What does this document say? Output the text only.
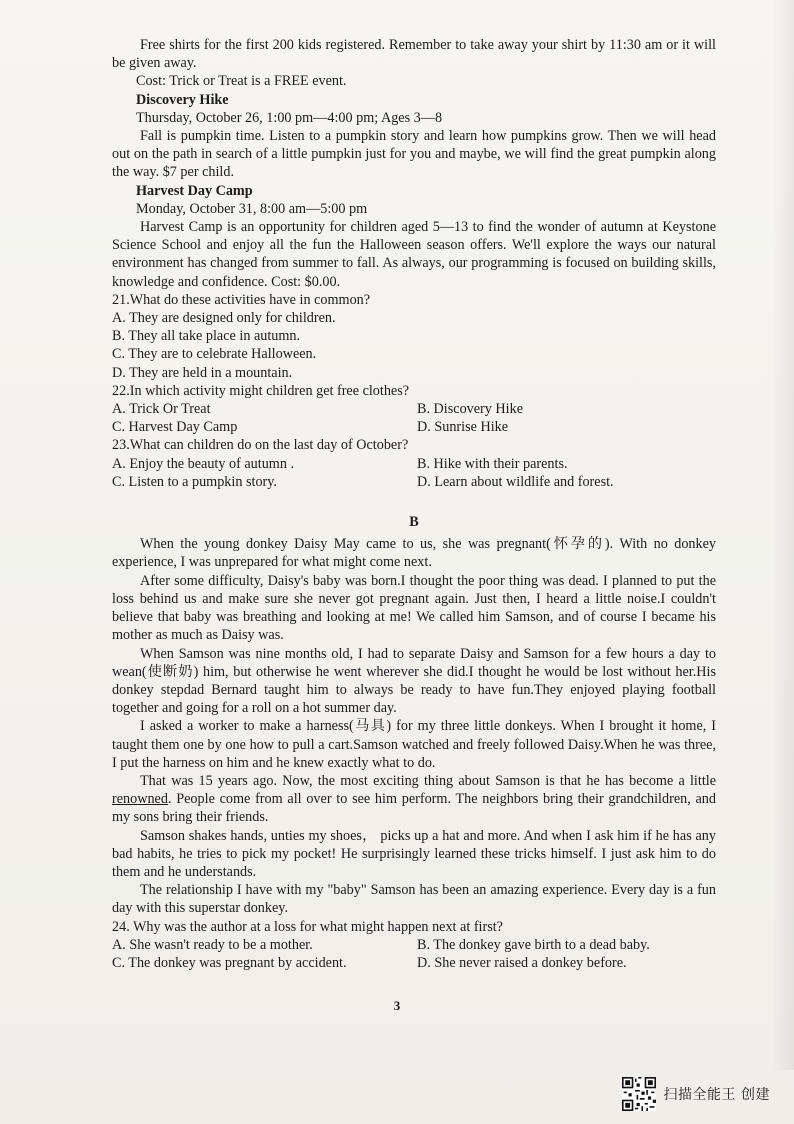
Free shirts for the first 200 kids registered. Remember to take away your shirt by 11:30 am or it will be given away.

Cost: Trick or Treat is a FREE event.

Discovery Hike

Thursday, October 26, 1:00 pm—4:00 pm; Ages 3—8

Fall is pumpkin time. Listen to a pumpkin story and learn how pumpkins grow. Then we will head out on the path in search of a little pumpkin just for you and maybe, we will find the great pumpkin along the way. $7 per child.

Harvest Day Camp

Monday, October 31, 8:00 am—5:00 pm

Harvest Camp is an opportunity for children aged 5—13 to find the wonder of autumn at Keystone Science School and enjoy all the fun the Halloween season offers. We'll explore the ways our natural environment has changed from summer to fall. As always, our programming is focused on building skills, knowledge and confidence. Cost: $0.00.

21.What do these activities have in common?

A. They are designed only for children.

B. They all take place in autumn.

C. They are to celebrate Halloween.

D. They are held in a mountain.

22.In which activity might children get free clothes?

A. Trick Or Treat	B. Discovery Hike
C. Harvest Day Camp	D. Sunrise Hike

23.What can children do on the last day of October?

A. Enjoy the beauty of autumn .	B. Hike with their parents.
C. Listen to a pumpkin story.	D. Learn about wildlife and forest.

B

When the young donkey Daisy May came to us, she was pregnant(怀孕的). With no donkey experience, I was unprepared for what might come next.

After some difficulty, Daisy's baby was born.I thought the poor thing was dead. I planned to put the loss behind us and make sure she never got pregnant again. Just then, I heard a little noise.I couldn't believe that baby was breathing and looking at me! We called him Samson, and of course I became his mother as much as Daisy was.

When Samson was nine months old, I had to separate Daisy and Samson for a few hours a day to wean(使断奶) him, but otherwise he went wherever she did.I thought he would be lost without her.His donkey stepdad Bernard taught him to always be ready to have fun.They enjoyed playing football together and going for a roll on a hot summer day.

I asked a worker to make a harness(马具) for my three little donkeys. When I brought it home, I taught them one by one how to pull a cart.Samson watched and freely followed Daisy.When he was three, I put the harness on him and he knew exactly what to do.

That was 15 years ago. Now, the most exciting thing about Samson is that he has become a little renowned. People come from all over to see him perform. The neighbors bring their grandchildren, and my sons bring their friends.

Samson shakes hands, unties my shoes， picks up a hat and more. And when I ask him if he has any bad habits, he tries to pick my pocket! He surprisingly learned these tricks himself. I just ask him to do them and he understands.

The relationship I have with my "baby" Samson has been an amazing experience. Every day is a fun day with this superstar donkey.

24. Why was the author at a loss for what might happen next at first?

A. She wasn't ready to be a mother.	B. The donkey gave birth to a dead baby.
C. The donkey was pregnant by accident.	D. She never raised a donkey before.
3
扫描全能王 创建
